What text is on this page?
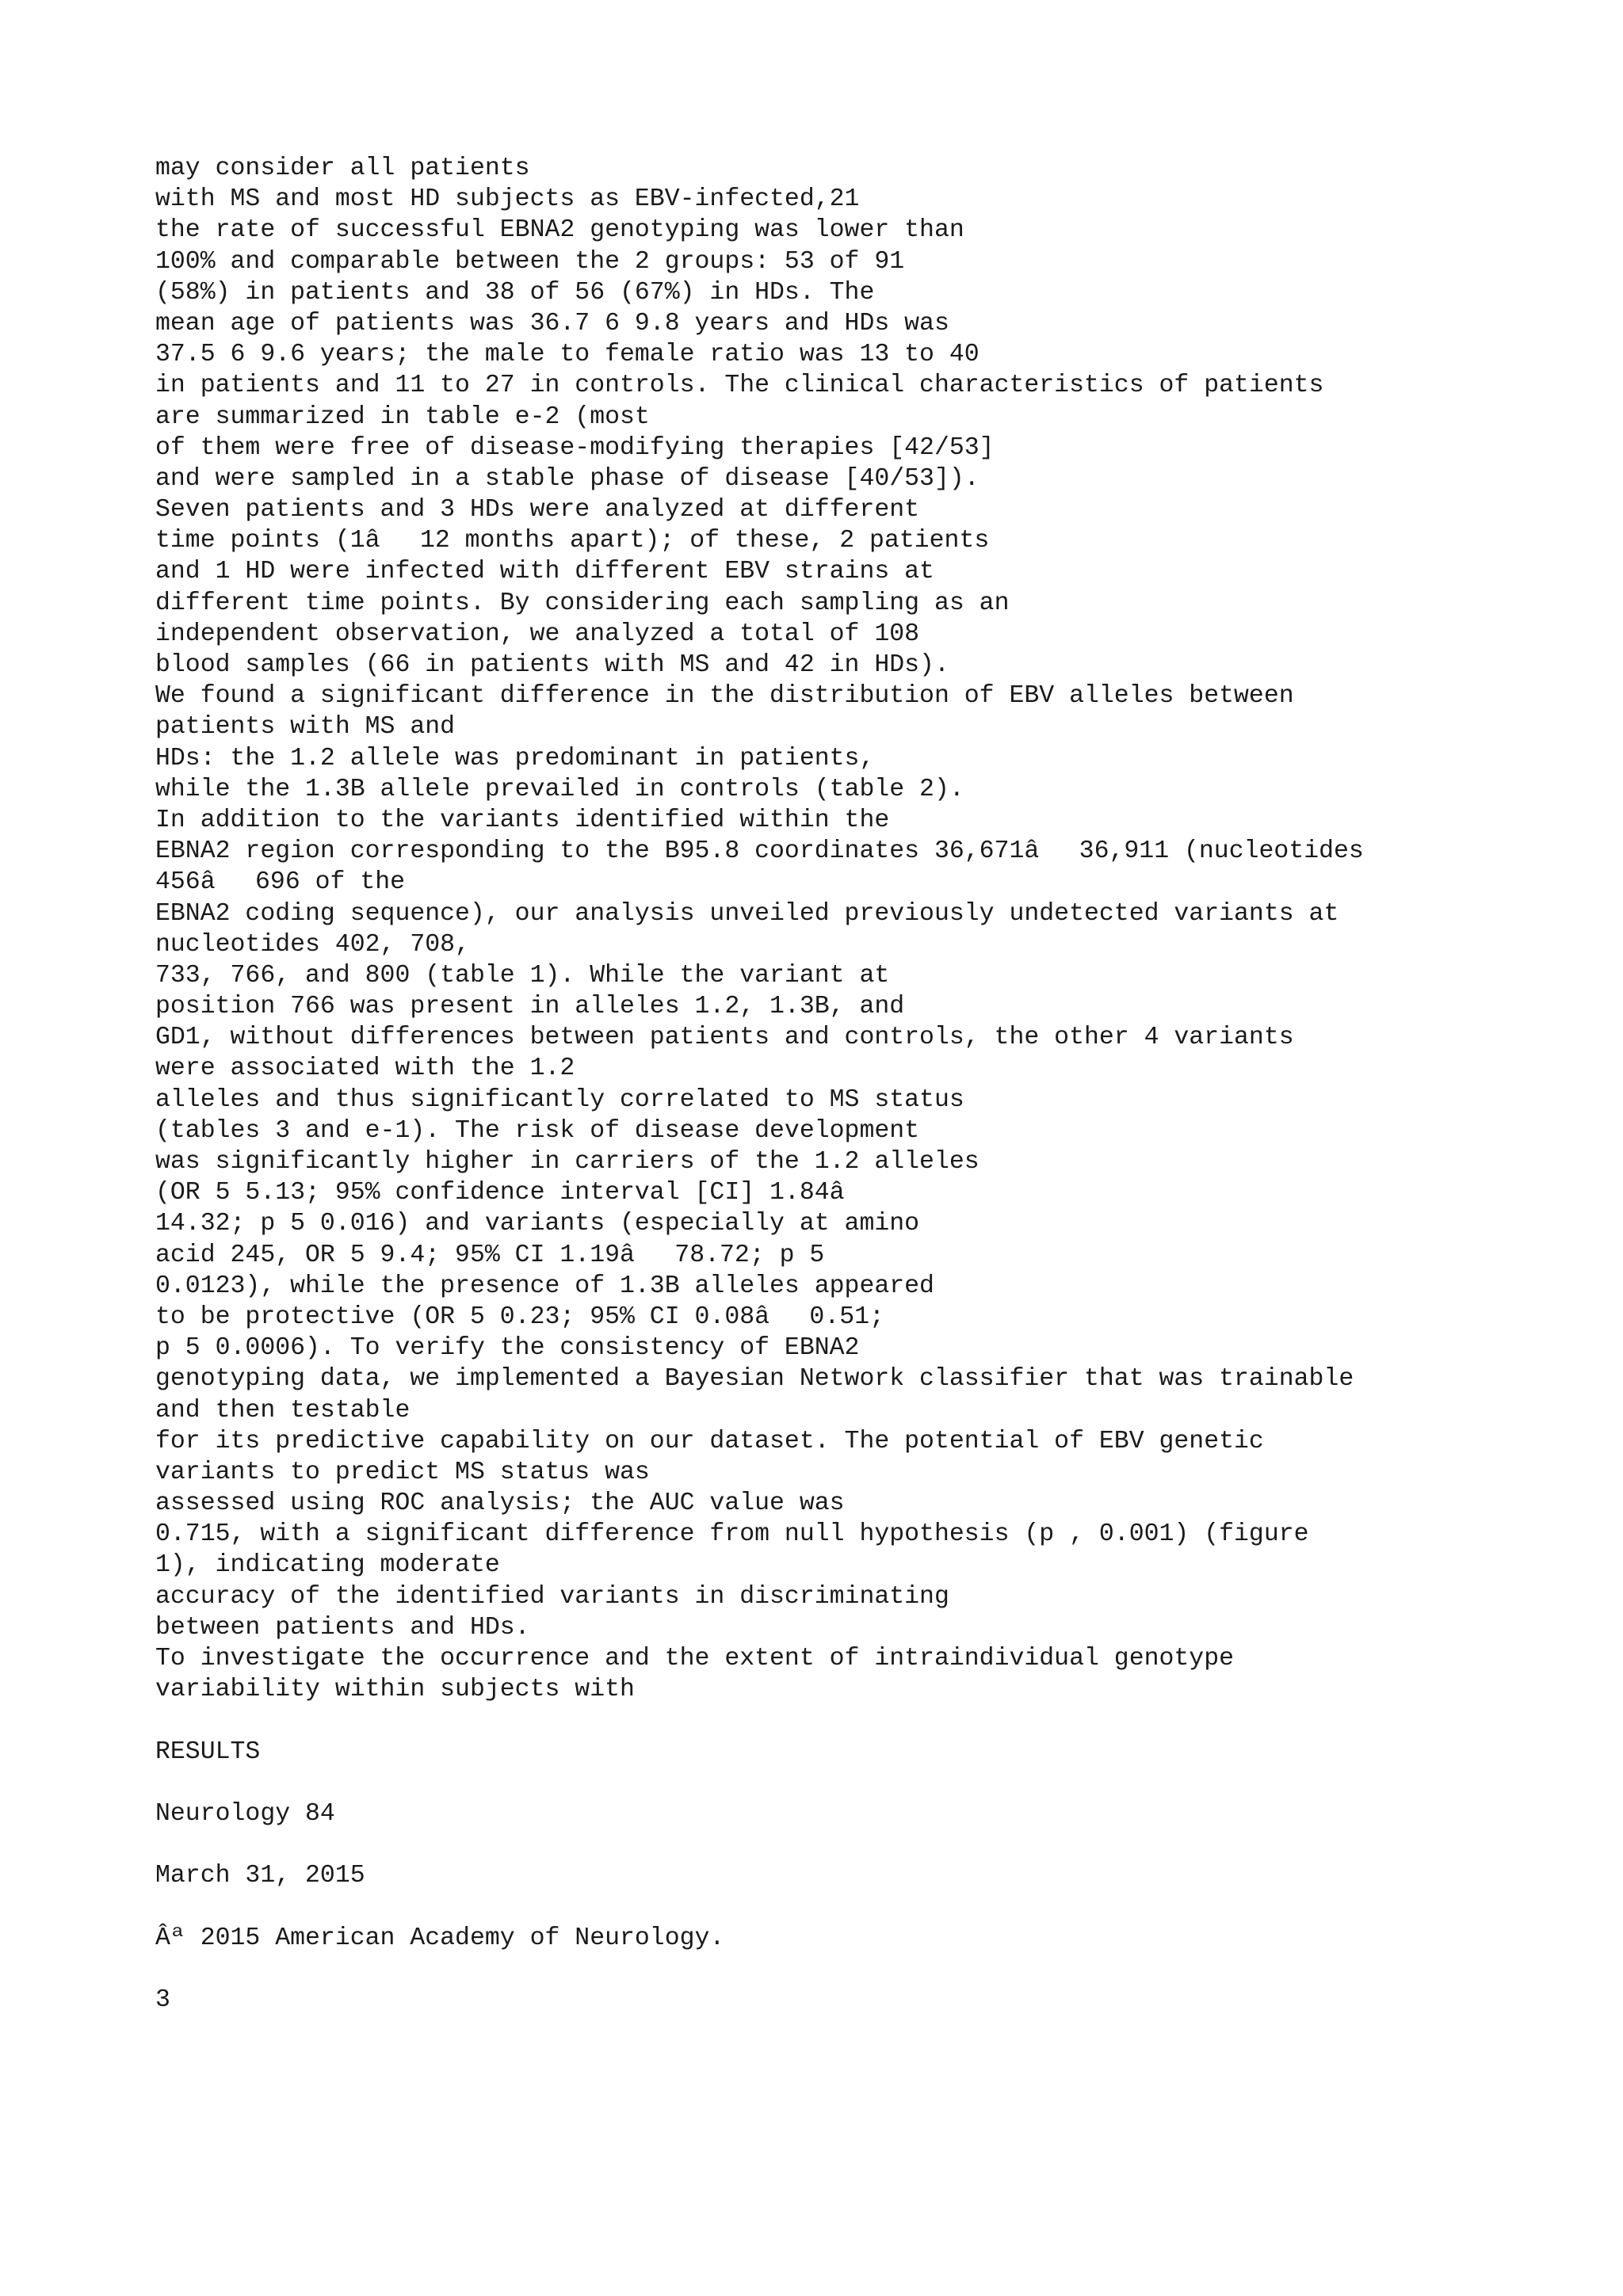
may consider all patients
with MS and most HD subjects as EBV-infected,21
the rate of successful EBNA2 genotyping was lower than
100% and comparable between the 2 groups: 53 of 91
(58%) in patients and 38 of 56 (67%) in HDs. The
mean age of patients was 36.7 6 9.8 years and HDs was
37.5 6 9.6 years; the male to female ratio was 13 to 40
in patients and 11 to 27 in controls. The clinical characteristics of patients
are summarized in table e-2 (most
of them were free of disease-modifying therapies [42/53]
and were sampled in a stable phase of disease [40/53]).
Seven patients and 3 HDs were analyzed at different
time points (1â12 months apart); of these, 2 patients
and 1 HD were infected with different EBV strains at
different time points. By considering each sampling as an
independent observation, we analyzed a total of 108
blood samples (66 in patients with MS and 42 in HDs).
We found a significant difference in the distribution of EBV alleles between
patients with MS and
HDs: the 1.2 allele was predominant in patients,
while the 1.3B allele prevailed in controls (table 2).
In addition to the variants identified within the
EBNA2 region corresponding to the B95.8 coordinates 36,671â36,911 (nucleotides
456â696 of the
EBNA2 coding sequence), our analysis unveiled previously undetected variants at
nucleotides 402, 708,
733, 766, and 800 (table 1). While the variant at
position 766 was present in alleles 1.2, 1.3B, and
GD1, without differences between patients and controls, the other 4 variants
were associated with the 1.2
alleles and thus significantly correlated to MS status
(tables 3 and e-1). The risk of disease development
was significantly higher in carriers of the 1.2 alleles
(OR 5 5.13; 95% confidence interval [CI] 1.84â
14.32; p 5 0.016) and variants (especially at amino
acid 245, OR 5 9.4; 95% CI 1.19â78.72; p 5
0.0123), while the presence of 1.3B alleles appeared
to be protective (OR 5 0.23; 95% CI 0.08â0.51;
p 5 0.0006). To verify the consistency of EBNA2
genotyping data, we implemented a Bayesian Network classifier that was trainable
and then testable
for its predictive capability on our dataset. The potential of EBV genetic
variants to predict MS status was
assessed using ROC analysis; the AUC value was
0.715, with a significant difference from null hypothesis (p , 0.001) (figure
1), indicating moderate
accuracy of the identified variants in discriminating
between patients and HDs.
To investigate the occurrence and the extent of intraindividual genotype
variability within subjects with
RESULTS
Neurology 84
March 31, 2015
Âª 2015 American Academy of Neurology.
3
